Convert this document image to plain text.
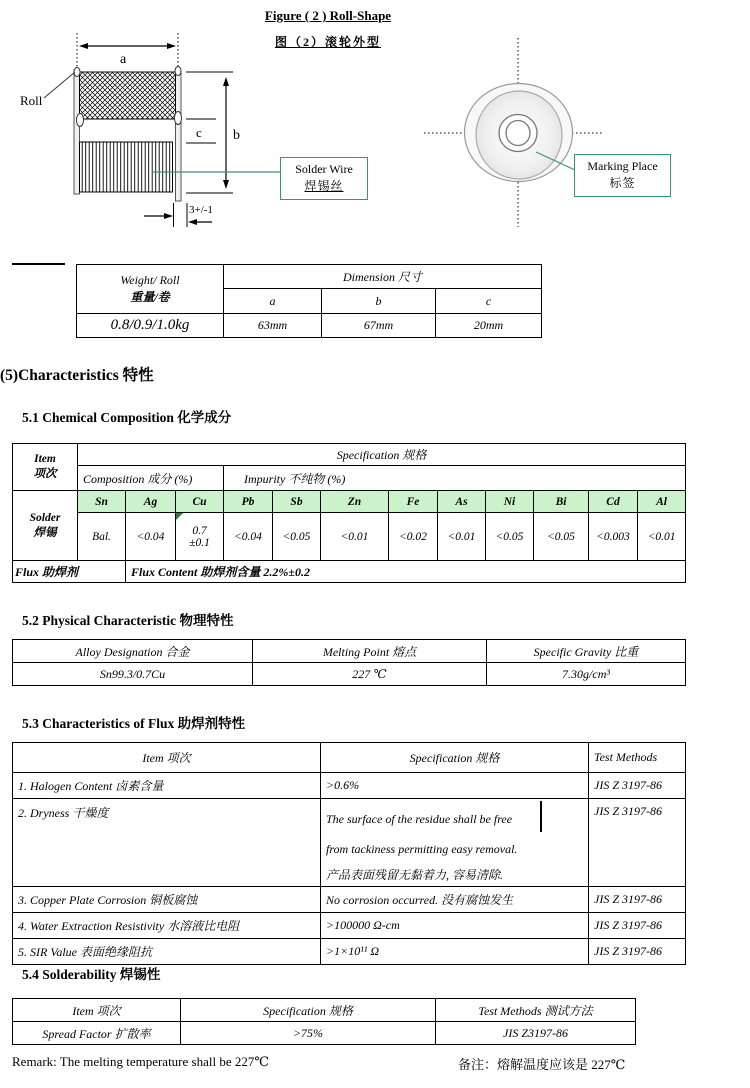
Figure ( 2 ) Roll-Shape
图（2）滚轮外型
a
Roll
c b
3+/-1
Solder Wire
焊锡丝
Marking Place
标签
Weight/ Roll
重量/卷	Dimension 尺寸		
	a	b	c
0.8/0.9/1.0kg	63mm	67mm	20mm
(5)Characteristics 特性
5.1 Chemical Composition 化学成分
Item
项次	Specification 规格											
	Composition 成分 (%)			Impurity 不纯物 (%)								

Solder
焊锡	Sn	Ag	Cu	Pb	Sb	Zn	Fe	As	Ni	Bi	Cd	Al
	Bal.	<0.04	0.7
±0.1	<0.04	<0.05	<0.01	<0.02	<0.01	<0.05	<0.05	<0.003	<0.01
Flux 助焊剂		Flux Content 助焊剂含量 2.2%±0.2										
5.2 Physical Characteristic 物理特性
Alloy Designation 合金	Melting Point 熔点	Specific Gravity 比重
Sn99.3/0.7Cu	227 ℃	7.30g/cm³
5.3 Characteristics of Flux 助焊剂特性
Item 项次	Specification 规格	Test Methods
1. Halogen Content 卤素含量	>0.6%	JIS Z 3197-86
2. Dryness 干燥度	The surface of the residue shall be free
from tackiness permitting easy removal.
产品表面残留无黏着力, 容易清除.	JIS Z 3197-86
3. Copper Plate Corrosion 铜板腐蚀	No corrosion occurred. 没有腐蚀发生	JIS Z 3197-86
4. Water Extraction Resistivity 水溶液比电阻	>100000 Ω-cm	JIS Z 3197-86
5. SIR Value 表面绝缘阻抗	>1×10¹¹ Ω	JIS Z 3197-86
5.4 Solderability 焊锡性
Item 项次	Specification 规格	Test Methods 测试方法
Spread Factor 扩散率	>75%	JIS Z3197-86
Remark: The melting temperature shall be 227℃	备注：熔解温度应该是 227℃
